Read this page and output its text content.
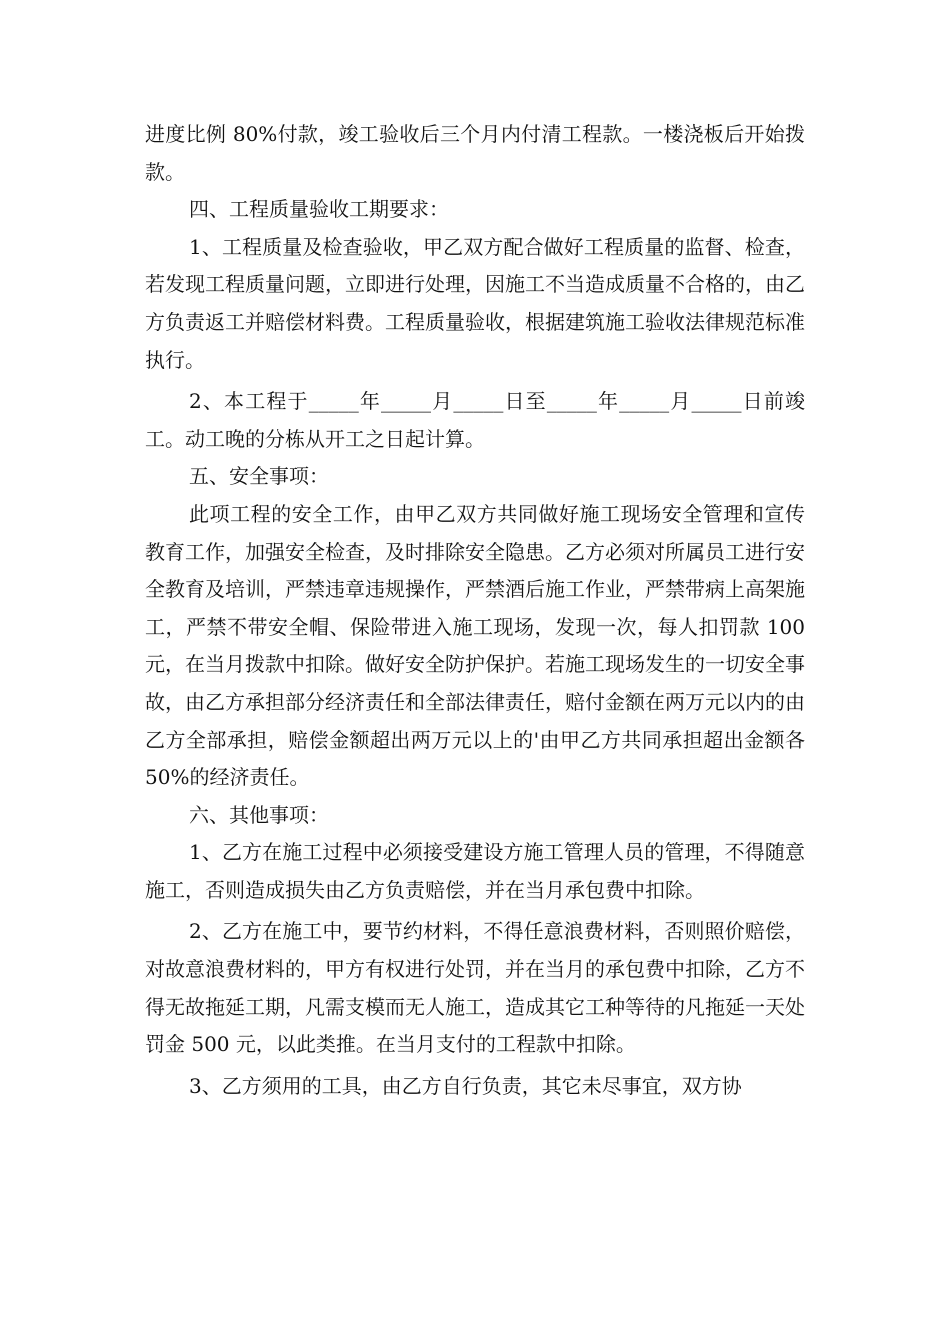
进度比例 80%付款，竣工验收后三个月内付清工程款。一楼浇板后开始拨款。

四、工程质量验收工期要求：

1、工程质量及检查验收，甲乙双方配合做好工程质量的监督、检查，若发现工程质量问题，立即进行处理，因施工不当造成质量不合格的，由乙方负责返工并赔偿材料费。工程质量验收，根据建筑施工验收法律规范标准执行。

2、本工程于_____年_____月_____日至_____年_____月_____日前竣工。动工晚的分栋从开工之日起计算。

五、安全事项：

此项工程的安全工作，由甲乙双方共同做好施工现场安全管理和宣传教育工作，加强安全检查，及时排除安全隐患。乙方必须对所属员工进行安全教育及培训，严禁违章违规操作，严禁酒后施工作业，严禁带病上高架施工，严禁不带安全帽、保险带进入施工现场，发现一次，每人扣罚款 100 元，在当月拨款中扣除。做好安全防护保护。若施工现场发生的一切安全事故，由乙方承担部分经济责任和全部法律责任，赔付金额在两万元以内的由乙方全部承担，赔偿金额超出两万元以上的'由甲乙方共同承担超出金额各 50%的经济责任。

六、其他事项：

1、乙方在施工过程中必须接受建设方施工管理人员的管理，不得随意施工，否则造成损失由乙方负责赔偿，并在当月承包费中扣除。

2、乙方在施工中，要节约材料，不得任意浪费材料，否则照价赔偿，对故意浪费材料的，甲方有权进行处罚，并在当月的承包费中扣除，乙方不得无故拖延工期，凡需支模而无人施工，造成其它工种等待的凡拖延一天处罚金 500 元，以此类推。在当月支付的工程款中扣除。

3、乙方须用的工具，由乙方自行负责，其它未尽事宜，双方协
